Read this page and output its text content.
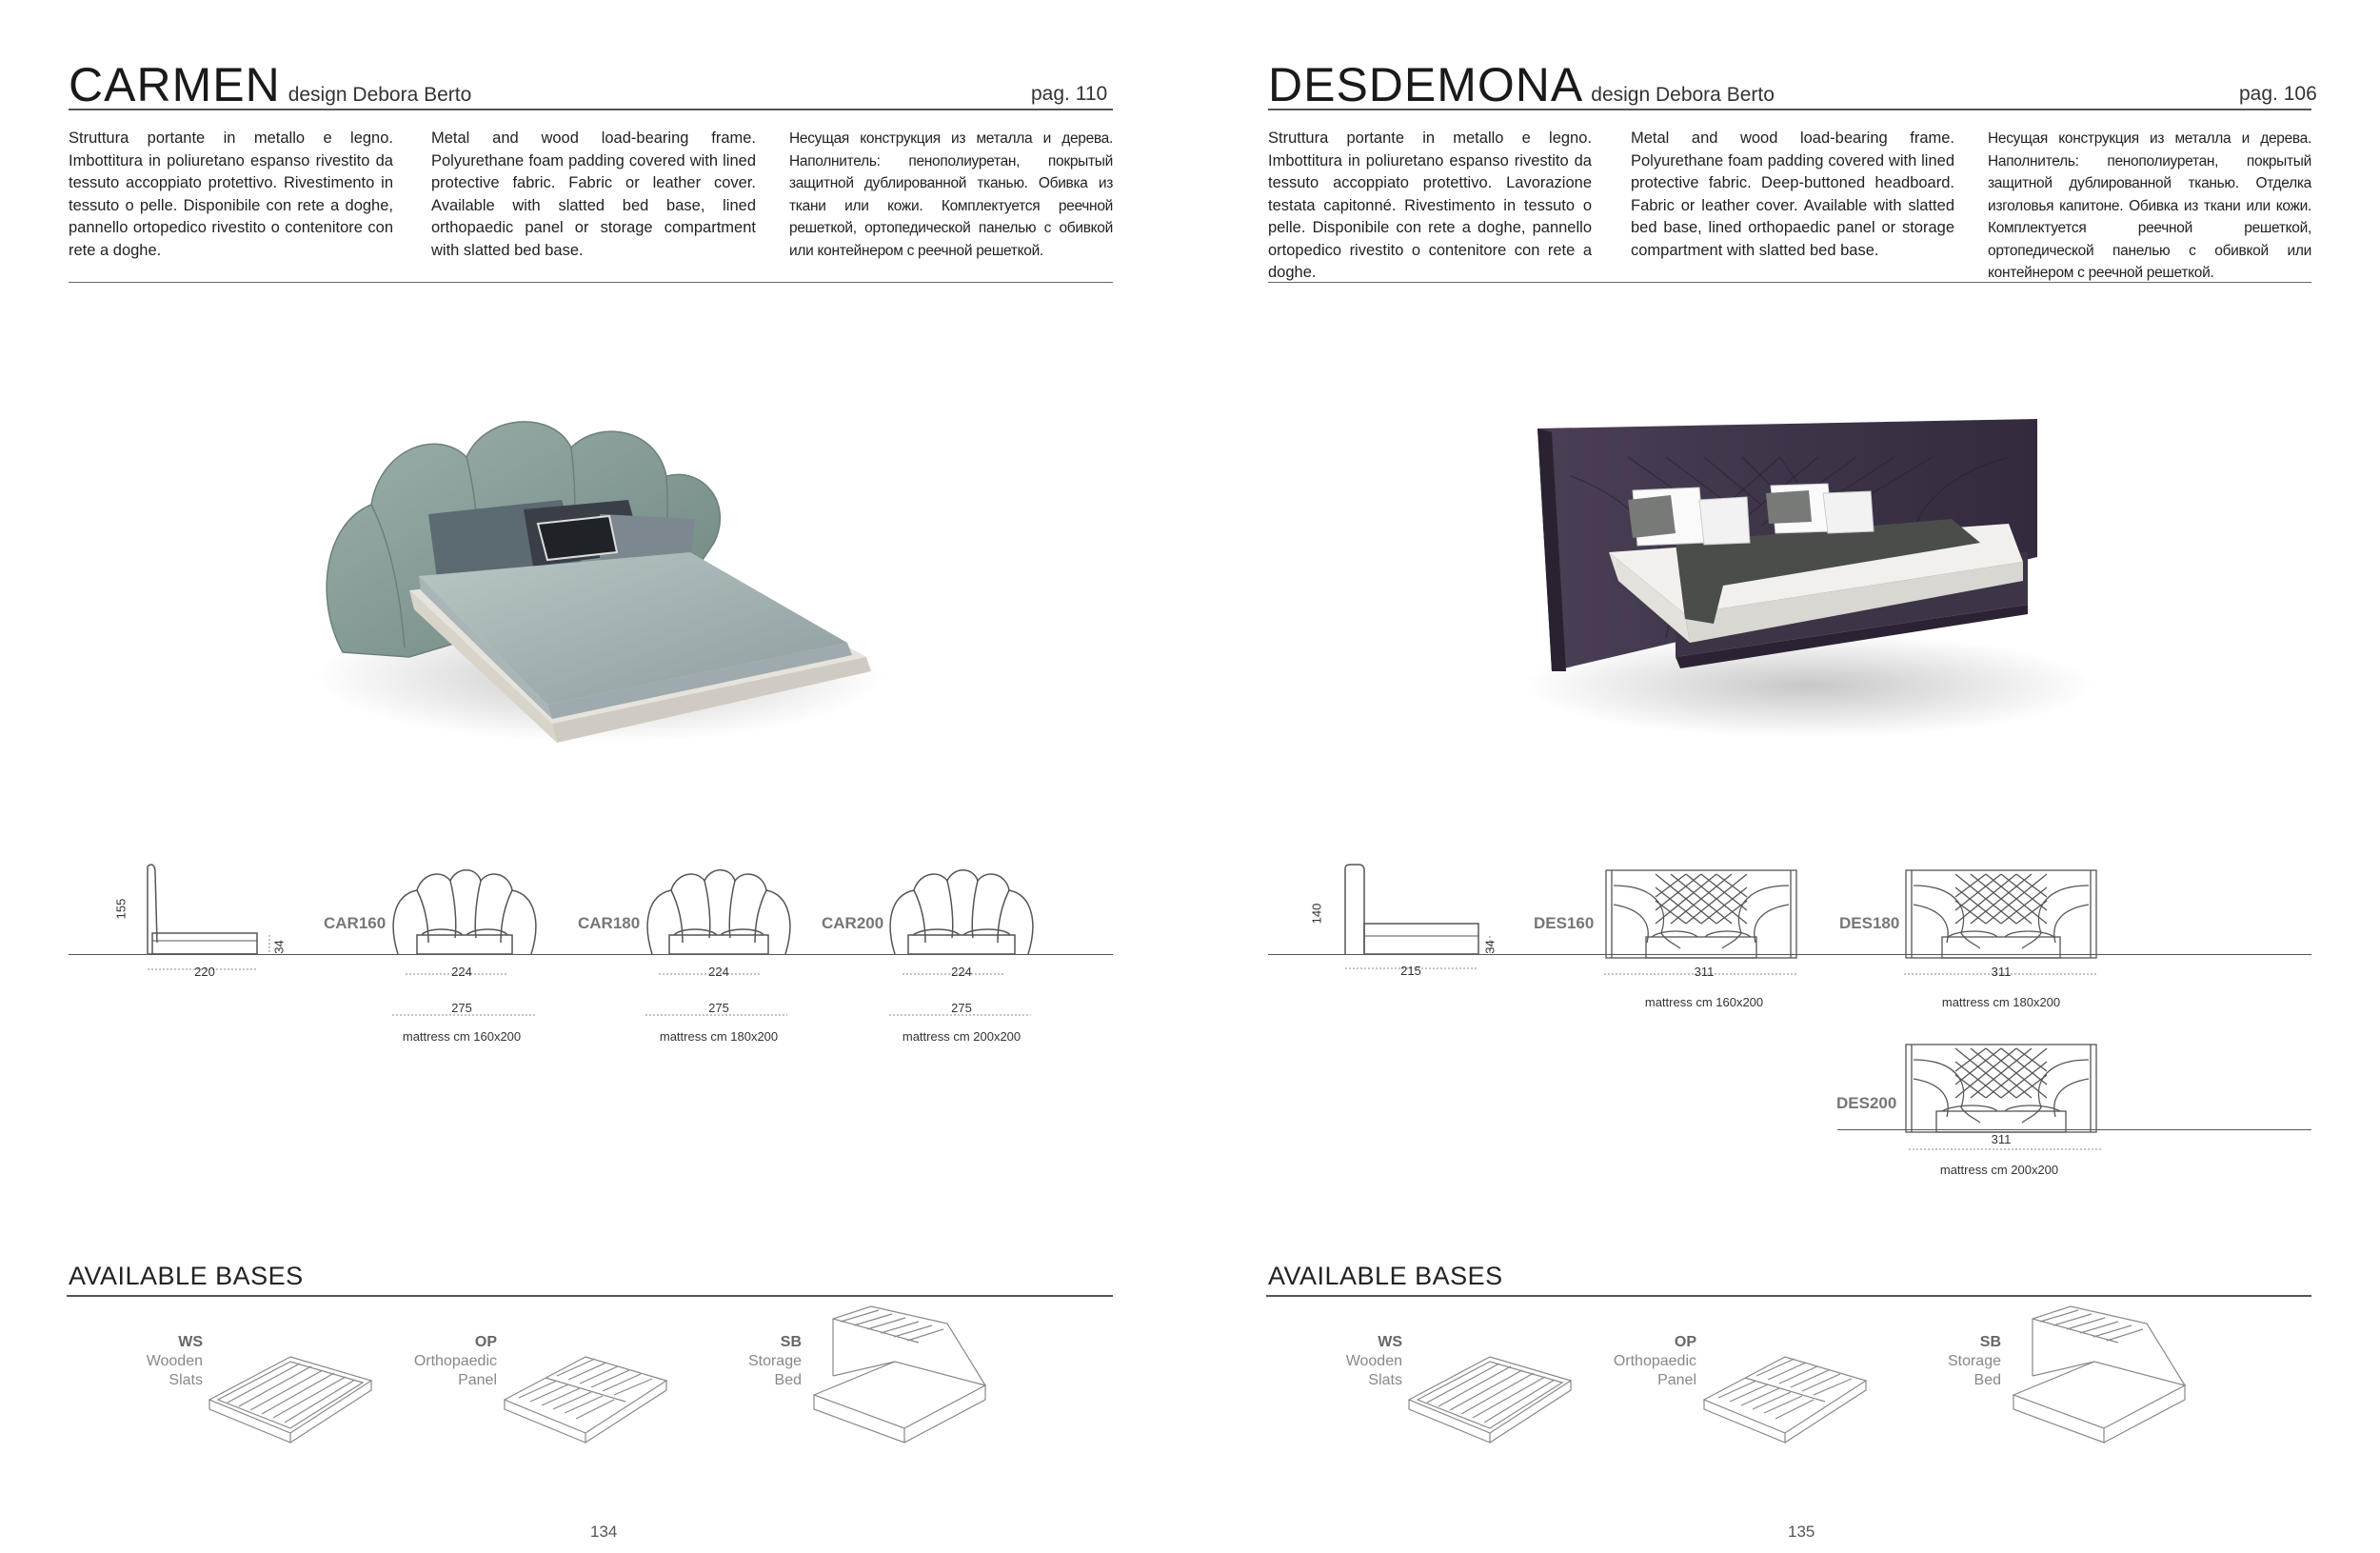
CARMEN design Debora Berto	pag. 110
Struttura portante in metallo e legno. Imbottitura in poliuretano espanso rivestito da tessuto accoppiato protettivo. Rivestimento in tessuto o pelle. Disponibile con rete a doghe, pannello ortopedico rivestito o contenitore con rete a doghe.
Metal and wood load-bearing frame. Polyurethane foam padding covered with lined protective fabric. Fabric or leather cover. Available with slatted bed base, lined orthopaedic panel or storage compartment with slatted bed base.
Несущая конструкция из металла и дерева. Наполнитель: пенополиуретан, покрытый защитной дублированной тканью. Обивка из ткани или кожи. Комплектуется реечной решеткой, ортопедической панелью с обивкой или контейнером с реечной решеткой.
155
34
220
CAR160	CAR180	CAR200
224
275
mattress cm 160x200
224
275
mattress cm 180x200
224
275
mattress cm 200x200
AVAILABLE BASES
WS
Wooden
Slats
OP
Orthopaedic
Panel
SB
Storage
Bed
134
DESDEMONA design Debora Berto	pag. 106
Struttura portante in metallo e legno. Imbottitura in poliuretano espanso rivestito da tessuto accoppiato protettivo. Lavorazione testata capitonné. Rivestimento in tessuto o pelle. Disponibile con rete a doghe, pannello ortopedico rivestito o contenitore con rete a doghe.
Metal and wood load-bearing frame. Polyurethane foam padding covered with lined protective fabric. Deep-buttoned headboard. Fabric or leather cover. Available with slatted bed base, lined orthopaedic panel or storage compartment with slatted bed base.
Несущая конструкция из металла и дерева. Наполнитель: пенополиуретан, покрытый защитной дублированной тканью. Отделка изголовья капитоне. Обивка из ткани или кожи. Комплектуется реечной решеткой, ортопедической панелью с обивкой или контейнером с реечной решеткой.
140
34
215
DES160	DES180
311
mattress cm 160x200
311
mattress cm 180x200
DES200
311
mattress cm 200x200
AVAILABLE BASES
WS
Wooden
Slats
OP
Orthopaedic
Panel
SB
Storage
Bed
135
